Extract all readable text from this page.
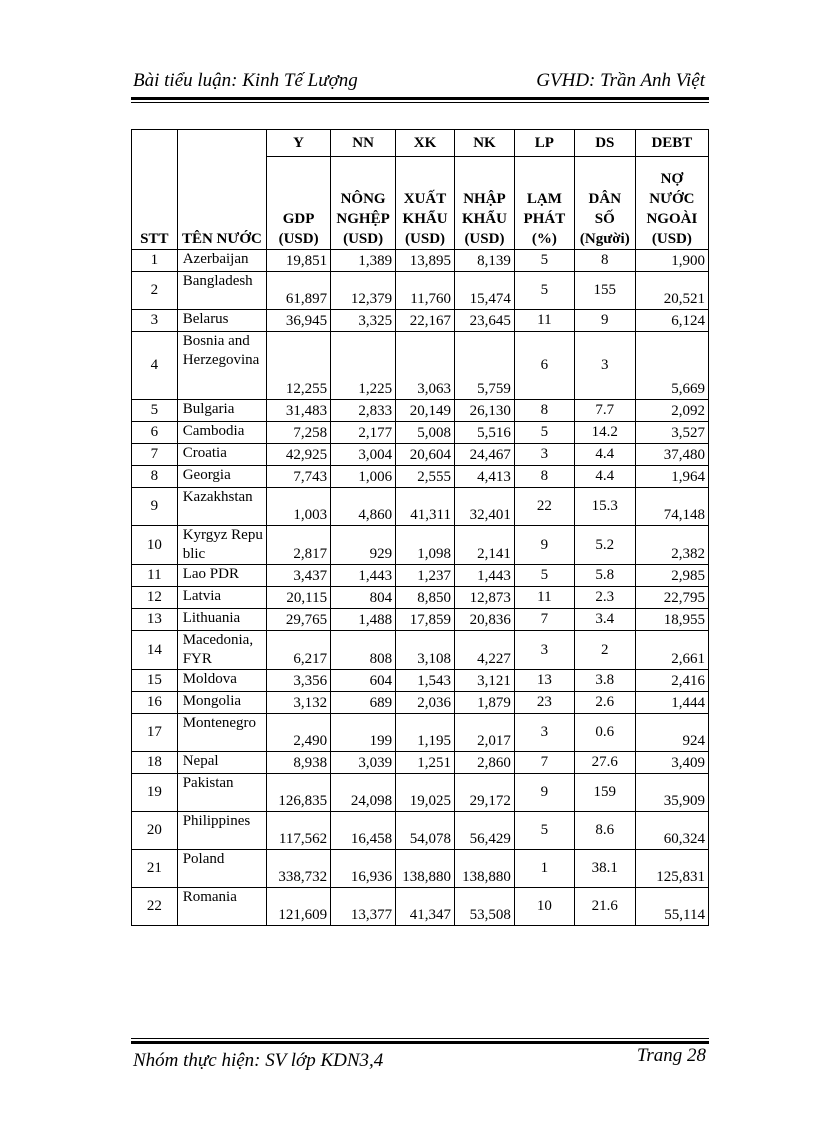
Bài tiểu luận: Kinh Tế Lượng	GVHD: Trần Anh Việt
STT	TÊN NƯỚC	Y	NN	XK	NK	LP	DS	DEBT
		GDP (USD)	NÔNG NGHỆP (USD)	XUẤT KHẨU (USD)	NHẬP KHẨU (USD)	LẠM PHÁT (%)	DÂN SỐ (Người)	NỢ NƯỚC NGOÀI (USD)
1	Azerbaijan	19,851	1,389	13,895	8,139	5	8	1,900
2	Bangladesh	61,897	12,379	11,760	15,474	5	155	20,521
3	Belarus	36,945	3,325	22,167	23,645	11	9	6,124
4	Bosnia and Herzegovina	12,255	1,225	3,063	5,759	6	3	5,669
5	Bulgaria	31,483	2,833	20,149	26,130	8	7.7	2,092
6	Cambodia	7,258	2,177	5,008	5,516	5	14.2	3,527
7	Croatia	42,925	3,004	20,604	24,467	3	4.4	37,480
8	Georgia	7,743	1,006	2,555	4,413	8	4.4	1,964
9	Kazakhstan	1,003	4,860	41,311	32,401	22	15.3	74,148
10	Kyrgyz Republic	2,817	929	1,098	2,141	9	5.2	2,382
11	Lao PDR	3,437	1,443	1,237	1,443	5	5.8	2,985
12	Latvia	20,115	804	8,850	12,873	11	2.3	22,795
13	Lithuania	29,765	1,488	17,859	20,836	7	3.4	18,955
14	Macedonia, FYR	6,217	808	3,108	4,227	3	2	2,661
15	Moldova	3,356	604	1,543	3,121	13	3.8	2,416
16	Mongolia	3,132	689	2,036	1,879	23	2.6	1,444
17	Montenegro	2,490	199	1,195	2,017	3	0.6	924
18	Nepal	8,938	3,039	1,251	2,860	7	27.6	3,409
19	Pakistan	126,835	24,098	19,025	29,172	9	159	35,909
20	Philippines	117,562	16,458	54,078	56,429	5	8.6	60,324
21	Poland	338,732	16,936	138,880	138,880	1	38.1	125,831
22	Romania	121,609	13,377	41,347	53,508	10	21.6	55,114
Nhóm thực hiện: SV lớp KDN3,4	Trang 28
